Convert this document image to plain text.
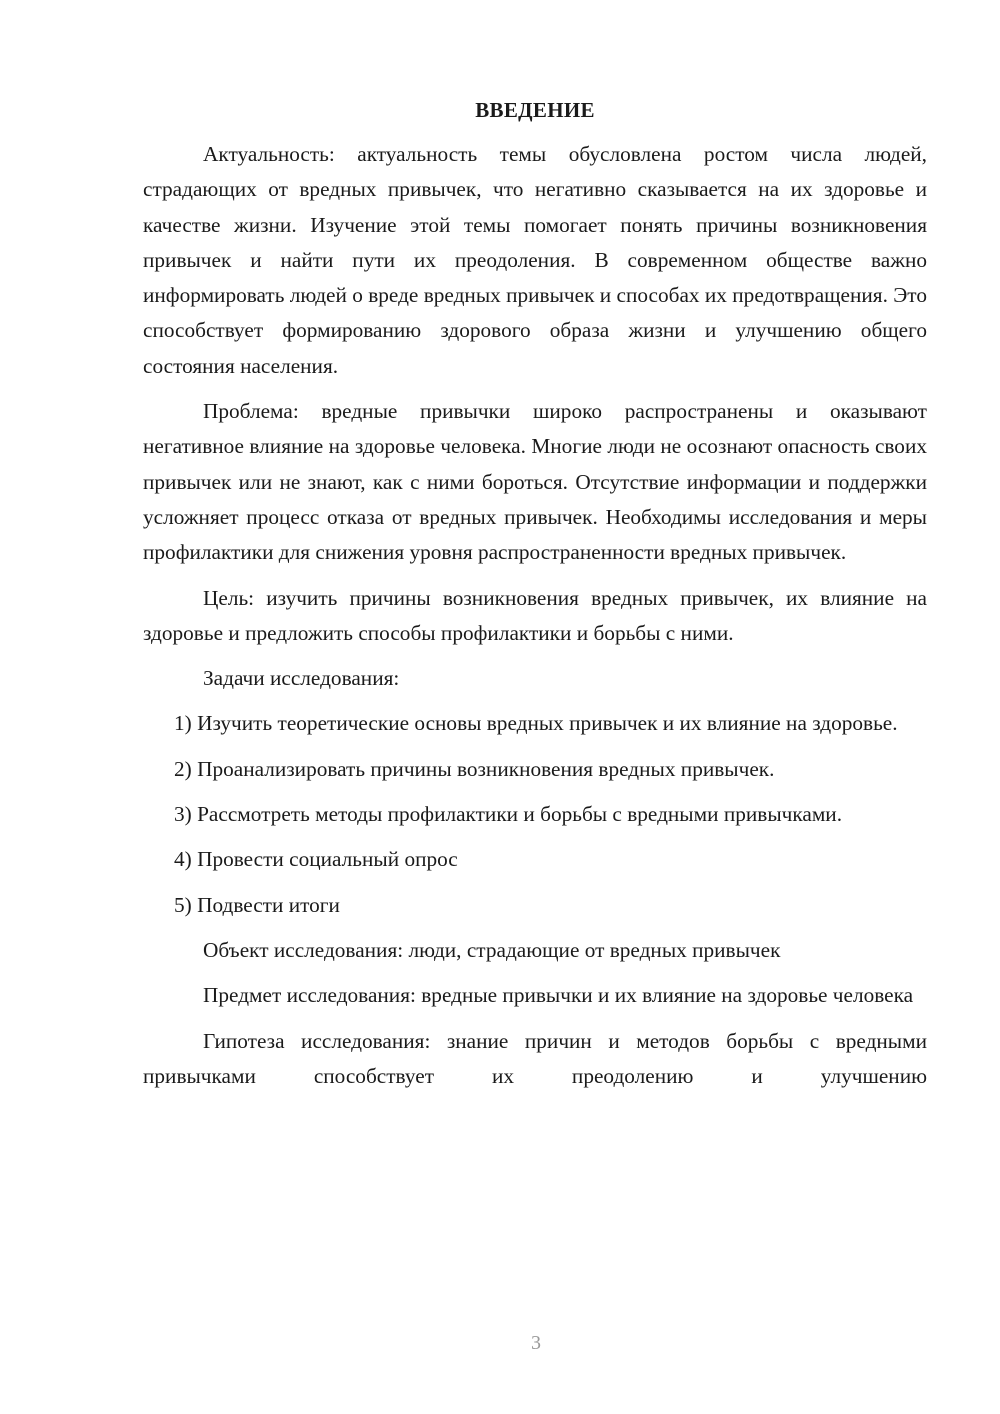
ВВЕДЕНИЕ

Актуальность: актуальность темы обусловлена ростом числа людей, страдающих от вредных привычек, что негативно сказывается на их здоровье и качестве жизни. Изучение этой темы помогает понять причины возникновения привычек и найти пути их преодоления. В современном обществе важно информировать людей о вреде вредных привычек и способах их предотвращения. Это способствует формированию здорового образа жизни и улучшению общего состояния населения.

Проблема: вредные привычки широко распространены и оказывают негативное влияние на здоровье человека. Многие люди не осознают опасность своих привычек или не знают, как с ними бороться. Отсутствие информации и поддержки усложняет процесс отказа от вредных привычек. Необходимы исследования и меры профилактики для снижения уровня распространенности вредных привычек.

Цель: изучить причины возникновения вредных привычек, их влияние на здоровье и предложить способы профилактики и борьбы с ними.

Задачи исследования:

1) Изучить теоретические основы вредных привычек и их влияние на здоровье.

2) Проанализировать причины возникновения вредных привычек.

3) Рассмотреть методы профилактики и борьбы с вредными привычками.

4) Провести социальный опрос

5) Подвести итоги

Объект исследования: люди, страдающие от вредных привычек

Предмет исследования: вредные привычки и их влияние на здоровье человека

Гипотеза исследования: знание причин и методов борьбы с вредными привычками способствует их преодолению и улучшению

3
